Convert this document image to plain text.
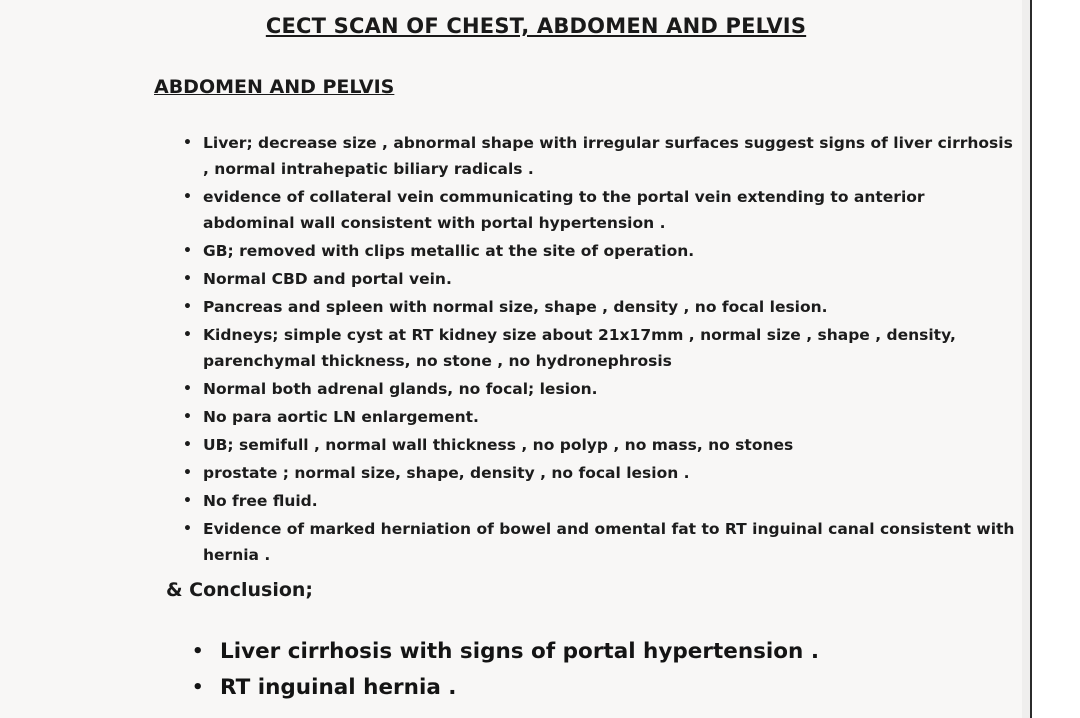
CECT SCAN OF CHEST, ABDOMEN AND PELVIS
ABDOMEN AND PELVIS
• Liver; decrease size , abnormal shape with irregular surfaces suggest signs of liver cirrhosis , normal intrahepatic biliary radicals .
• evidence of collateral vein communicating to the portal vein extending to anterior abdominal wall consistent with portal hypertension .
• GB; removed with clips metallic at the site of operation.
• Normal CBD and portal vein.
• Pancreas and spleen with normal size, shape , density , no focal lesion.
• Kidneys; simple cyst at RT kidney size about 21x17mm , normal size , shape , density, parenchymal thickness, no stone , no hydronephrosis
• Normal both adrenal glands, no focal; lesion.
• No para aortic LN enlargement.
• UB; semifull , normal wall thickness , no polyp , no mass, no stones
• prostate ; normal size, shape, density , no focal lesion .
• No free fluid.
• Evidence of marked herniation of bowel and omental fat to RT inguinal canal consistent with hernia .
& Conclusion;
• Liver cirrhosis with signs of portal hypertension .
• RT inguinal hernia .
